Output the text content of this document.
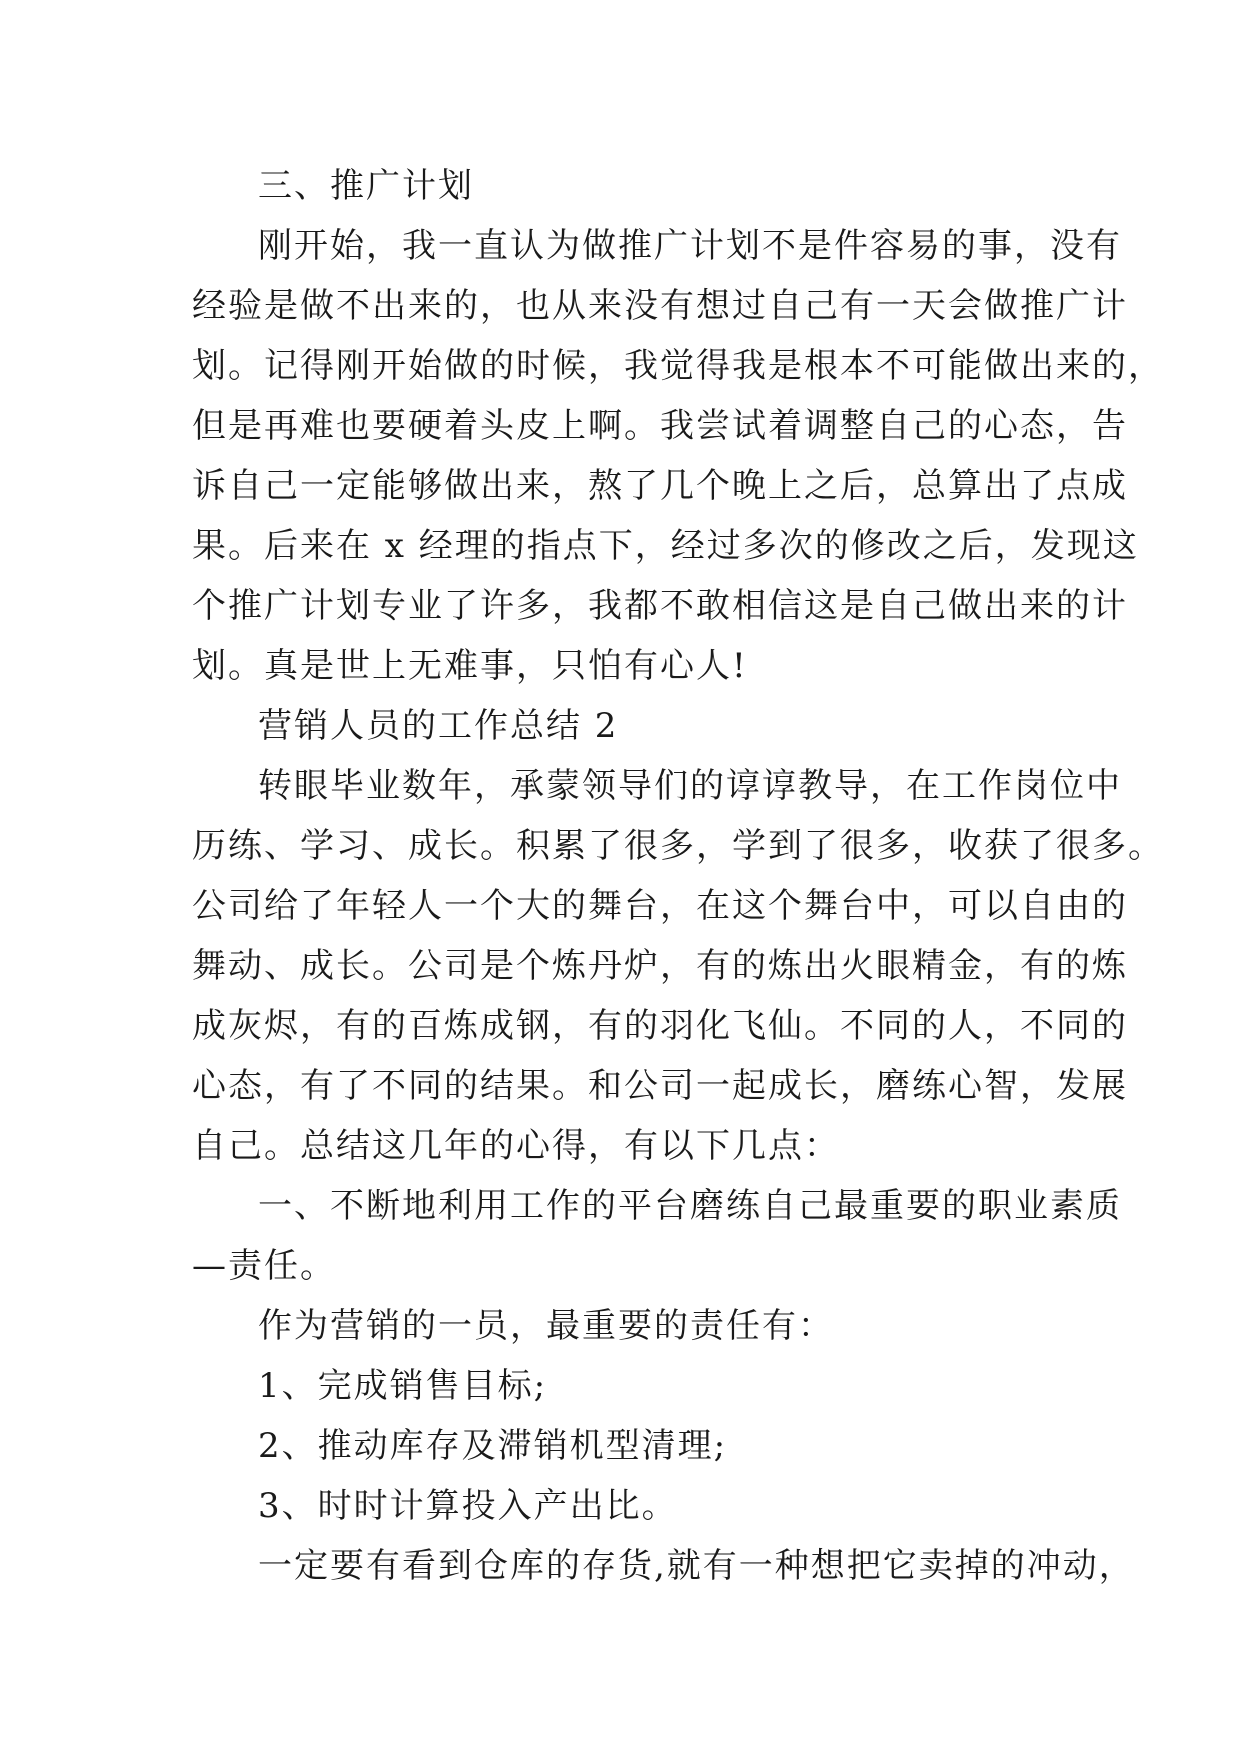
三、推广计划
刚开始，我一直认为做推广计划不是件容易的事，没有
经验是做不出来的，也从来没有想过自己有一天会做推广计
划。记得刚开始做的时候，我觉得我是根本不可能做出来的，
但是再难也要硬着头皮上啊。我尝试着调整自己的心态，告
诉自己一定能够做出来，熬了几个晚上之后，总算出了点成
果。后来在 x 经理的指点下，经过多次的修改之后，发现这
个推广计划专业了许多，我都不敢相信这是自己做出来的计
划。真是世上无难事，只怕有心人!
营销人员的工作总结 2
转眼毕业数年，承蒙领导们的谆谆教导，在工作岗位中
历练、学习、成长。积累了很多，学到了很多，收获了很多。
公司给了年轻人一个大的舞台，在这个舞台中，可以自由的
舞动、成长。公司是个炼丹炉，有的炼出火眼精金，有的炼
成灰烬，有的百炼成钢，有的羽化飞仙。不同的人，不同的
心态，有了不同的结果。和公司一起成长，磨练心智，发展
自己。总结这几年的心得，有以下几点：
一、不断地利用工作的平台磨练自己最重要的职业素质
—责任。
作为营销的一员，最重要的责任有：
1、完成销售目标;
2、推动库存及滞销机型清理;
3、时时计算投入产出比。
一定要有看到仓库的存货,就有一种想把它卖掉的冲动，
